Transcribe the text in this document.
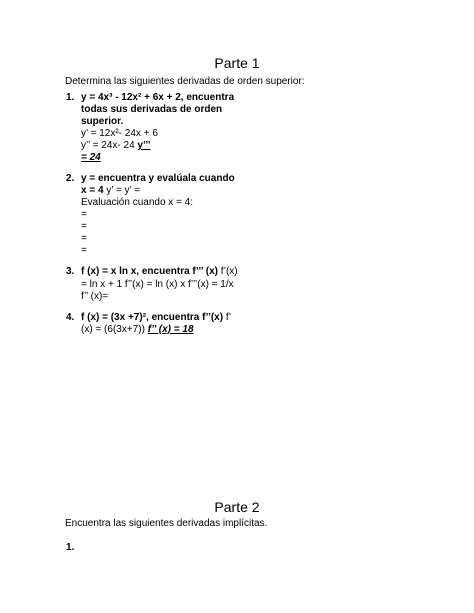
Parte 1
Determina las siguientes derivadas de orden superior:
1. y = 4x³ - 12x² + 6x + 2, encuentra
todas sus derivadas de orden
superior.
y’ = 12x²- 24x + 6
y’’ = 24x- 24 y’’’
= 24
2. y = encuentra y evalúala cuando
x = 4 y’ = y’ =
Evaluación cuando x = 4:
=
=
=
=
3. f (x) = x ln x, encuentra f’’’ (x) f’(x)
= ln x + 1 f’’(x) = ln (x) x f’’’(x) = 1/x
f’’ (x)=
4. f (x) = (3x +7)², encuentra f’’(x) f’
(x) = (6(3x+7)) f’’ (x) = 18
Parte 2
Encuentra las siguientes derivadas implícitas.
1.
